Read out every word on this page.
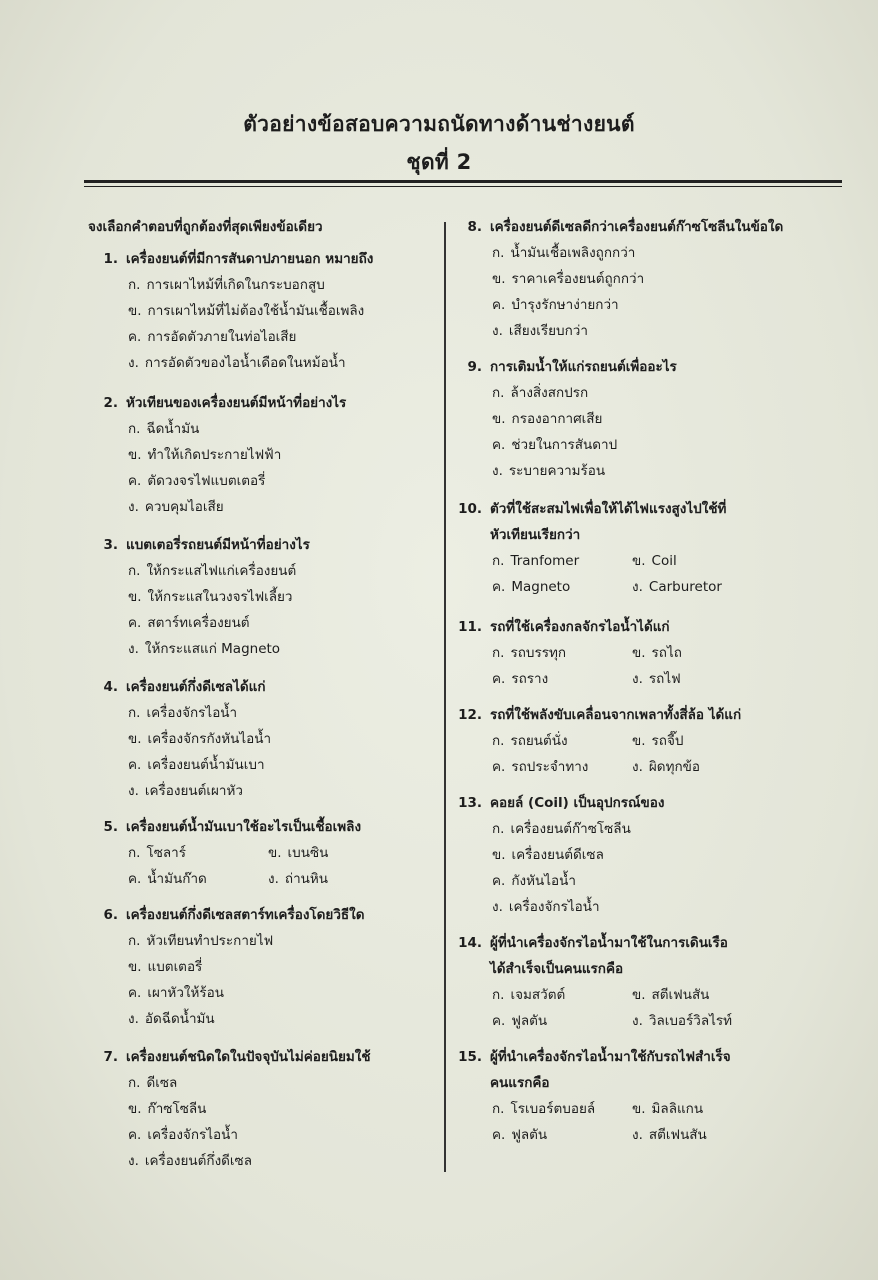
ตัวอย่างข้อสอบความถนัดทางด้านช่างยนต์
ชุดที่ 2
จงเลือกคำตอบที่ถูกต้องที่สุดเพียงข้อเดียว
1. เครื่องยนต์ที่มีการสันดาปภายนอก หมายถึง
ก. การเผาไหม้ที่เกิดในกระบอกสูบ
ข. การเผาไหม้ที่ไม่ต้องใช้น้ำมันเชื้อเพลิง
ค. การอัดตัวภายในท่อไอเสีย
ง. การอัดตัวของไอน้ำเดือดในหม้อน้ำ
2. หัวเทียนของเครื่องยนต์มีหน้าที่อย่างไร
ก. ฉีดน้ำมัน
ข. ทำให้เกิดประกายไฟฟ้า
ค. ตัดวงจรไฟแบตเตอรี่
ง. ควบคุมไอเสีย
3. แบตเตอรี่รถยนต์มีหน้าที่อย่างไร
ก. ให้กระแสไฟแก่เครื่องยนต์
ข. ให้กระแสในวงจรไฟเลี้ยว
ค. สตาร์ทเครื่องยนต์
ง. ให้กระแสแก่ Magneto
4. เครื่องยนต์กึ่งดีเซลได้แก่
ก. เครื่องจักรไอน้ำ
ข. เครื่องจักรกังหันไอน้ำ
ค. เครื่องยนต์น้ำมันเบา
ง. เครื่องยนต์เผาหัว
5. เครื่องยนต์น้ำมันเบาใช้อะไรเป็นเชื้อเพลิง
ก. โซลาร์	ข. เบนซิน
ค. น้ำมันก๊าด	ง. ถ่านหิน
6. เครื่องยนต์กึ่งดีเซลสตาร์ทเครื่องโดยวิธีใด
ก. หัวเทียนทำประกายไฟ
ข. แบตเตอรี่
ค. เผาหัวให้ร้อน
ง. อัดฉีดน้ำมัน
7. เครื่องยนต์ชนิดใดในปัจจุบันไม่ค่อยนิยมใช้
ก. ดีเซล
ข. ก๊าซโซลีน
ค. เครื่องจักรไอน้ำ
ง. เครื่องยนต์กึ่งดีเซล
8. เครื่องยนต์ดีเซลดีกว่าเครื่องยนต์ก๊าซโซลีนในข้อใด
ก. น้ำมันเชื้อเพลิงถูกกว่า
ข. ราคาเครื่องยนต์ถูกกว่า
ค. บำรุงรักษาง่ายกว่า
ง. เสียงเรียบกว่า
9. การเติมน้ำให้แก่รถยนต์เพื่ออะไร
ก. ล้างสิ่งสกปรก
ข. กรองอากาศเสีย
ค. ช่วยในการสันดาป
ง. ระบายความร้อน
10. ตัวที่ใช้สะสมไฟเพื่อให้ได้ไฟแรงสูงไปใช้ที่
หัวเทียนเรียกว่า
ก. Tranfomer	ข. Coil
ค. Magneto	ง. Carburetor
11. รถที่ใช้เครื่องกลจักรไอน้ำได้แก่
ก. รถบรรทุก	ข. รถไถ
ค. รถราง	ง. รถไฟ
12. รถที่ใช้พลังขับเคลื่อนจากเพลาทั้งสี่ล้อ ได้แก่
ก. รถยนต์นั่ง	ข. รถจี๊ป
ค. รถประจำทาง	ง. ผิดทุกข้อ
13. คอยล์ (Coil) เป็นอุปกรณ์ของ
ก. เครื่องยนต์ก๊าซโซลีน
ข. เครื่องยนต์ดีเซล
ค. กังหันไอน้ำ
ง. เครื่องจักรไอน้ำ
14. ผู้ที่นำเครื่องจักรไอน้ำมาใช้ในการเดินเรือ
ได้สำเร็จเป็นคนแรกคือ
ก. เจมสวัตต์	ข. สตีเฟนสัน
ค. ฟูลตัน	ง. วิลเบอร์วิลไรท์
15. ผู้ที่นำเครื่องจักรไอน้ำมาใช้กับรถไฟสำเร็จ
คนแรกคือ
ก. โรเบอร์ตบอยล์	ข. มิลลิแกน
ค. ฟูลตัน	ง. สตีเฟนสัน
